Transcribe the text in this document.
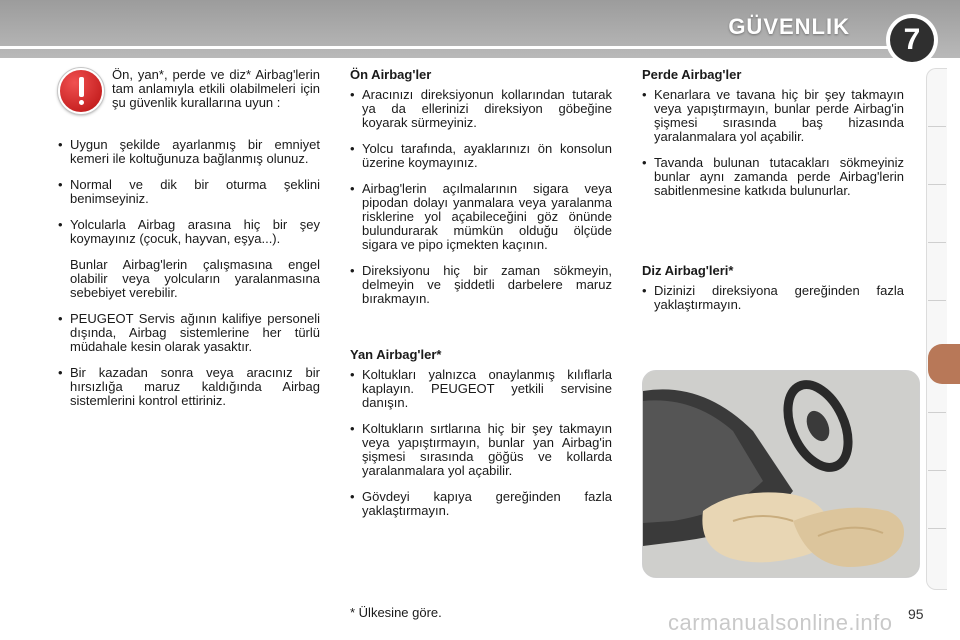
GÜVENLIK	7
Ön, yan*, perde ve diz* Airbag'lerin tam anlamıyla etkili olabilmeleri için şu güvenlik kurallarına uyun :
• Uygun şekilde ayarlanmış bir emniyet kemeri ile koltuğunuza bağlanmış olunuz.
• Normal ve dik bir oturma şeklini benimseyiniz.
• Yolcularla Airbag arasına hiç bir şey koymayınız (çocuk, hayvan, eşya...).
Bunlar Airbag'lerin çalışmasına engel olabilir veya yolcuların yaralanmasına sebebiyet verebilir.
• PEUGEOT Servis ağının kalifiye personeli dışında, Airbag sistemlerine her türlü müdahale kesin olarak yasaktır.
• Bir kazadan sonra veya aracınız bir hırsızlığa maruz kaldığında Airbag sistemlerini kontrol ettiriniz.
Ön Airbag'ler
• Aracınızı direksiyonun kollarından tutarak ya da ellerinizi direksiyon göbeğine koyarak sürmeyiniz.
• Yolcu tarafında, ayaklarınızı ön konsolun üzerine koymayınız.
• Airbag'lerin açılmalarının sigara veya pipodan dolayı yanmalara veya yaralanma risklerine yol açabileceğini göz önünde bulundurarak mümkün olduğu ölçüde sigara ve pipo içmekten kaçının.
• Direksiyonu hiç bir zaman sökmeyin, delmeyin ve şiddetli darbelere maruz bırakmayın.
Yan Airbag'ler*
• Koltukları yalnızca onaylanmış kılıflarla kaplayın. PEUGEOT yetkili servisine danışın.
• Koltukların sırtlarına hiç bir şey takmayın veya yapıştırmayın, bunlar yan Airbag'in şişmesi sırasında göğüs ve kollarda yaralanmalara yol açabilir.
• Gövdeyi kapıya gereğinden fazla yaklaştırmayın.
Perde Airbag'ler
• Kenarlara ve tavana hiç bir şey takmayın veya yapıştırmayın, bunlar perde Airbag'in şişmesi sırasında baş hizasında yaralanmalara yol açabilir.
• Tavanda bulunan tutacakları sökmeyiniz bunlar aynı zamanda perde Airbag'lerin sabitlenmesine katkıda bulunurlar.
Diz Airbag'leri*
• Dizinizi direksiyona gereğinden fazla yaklaştırmayın.
* Ülkesine göre.	carmanualsonline.info 95
